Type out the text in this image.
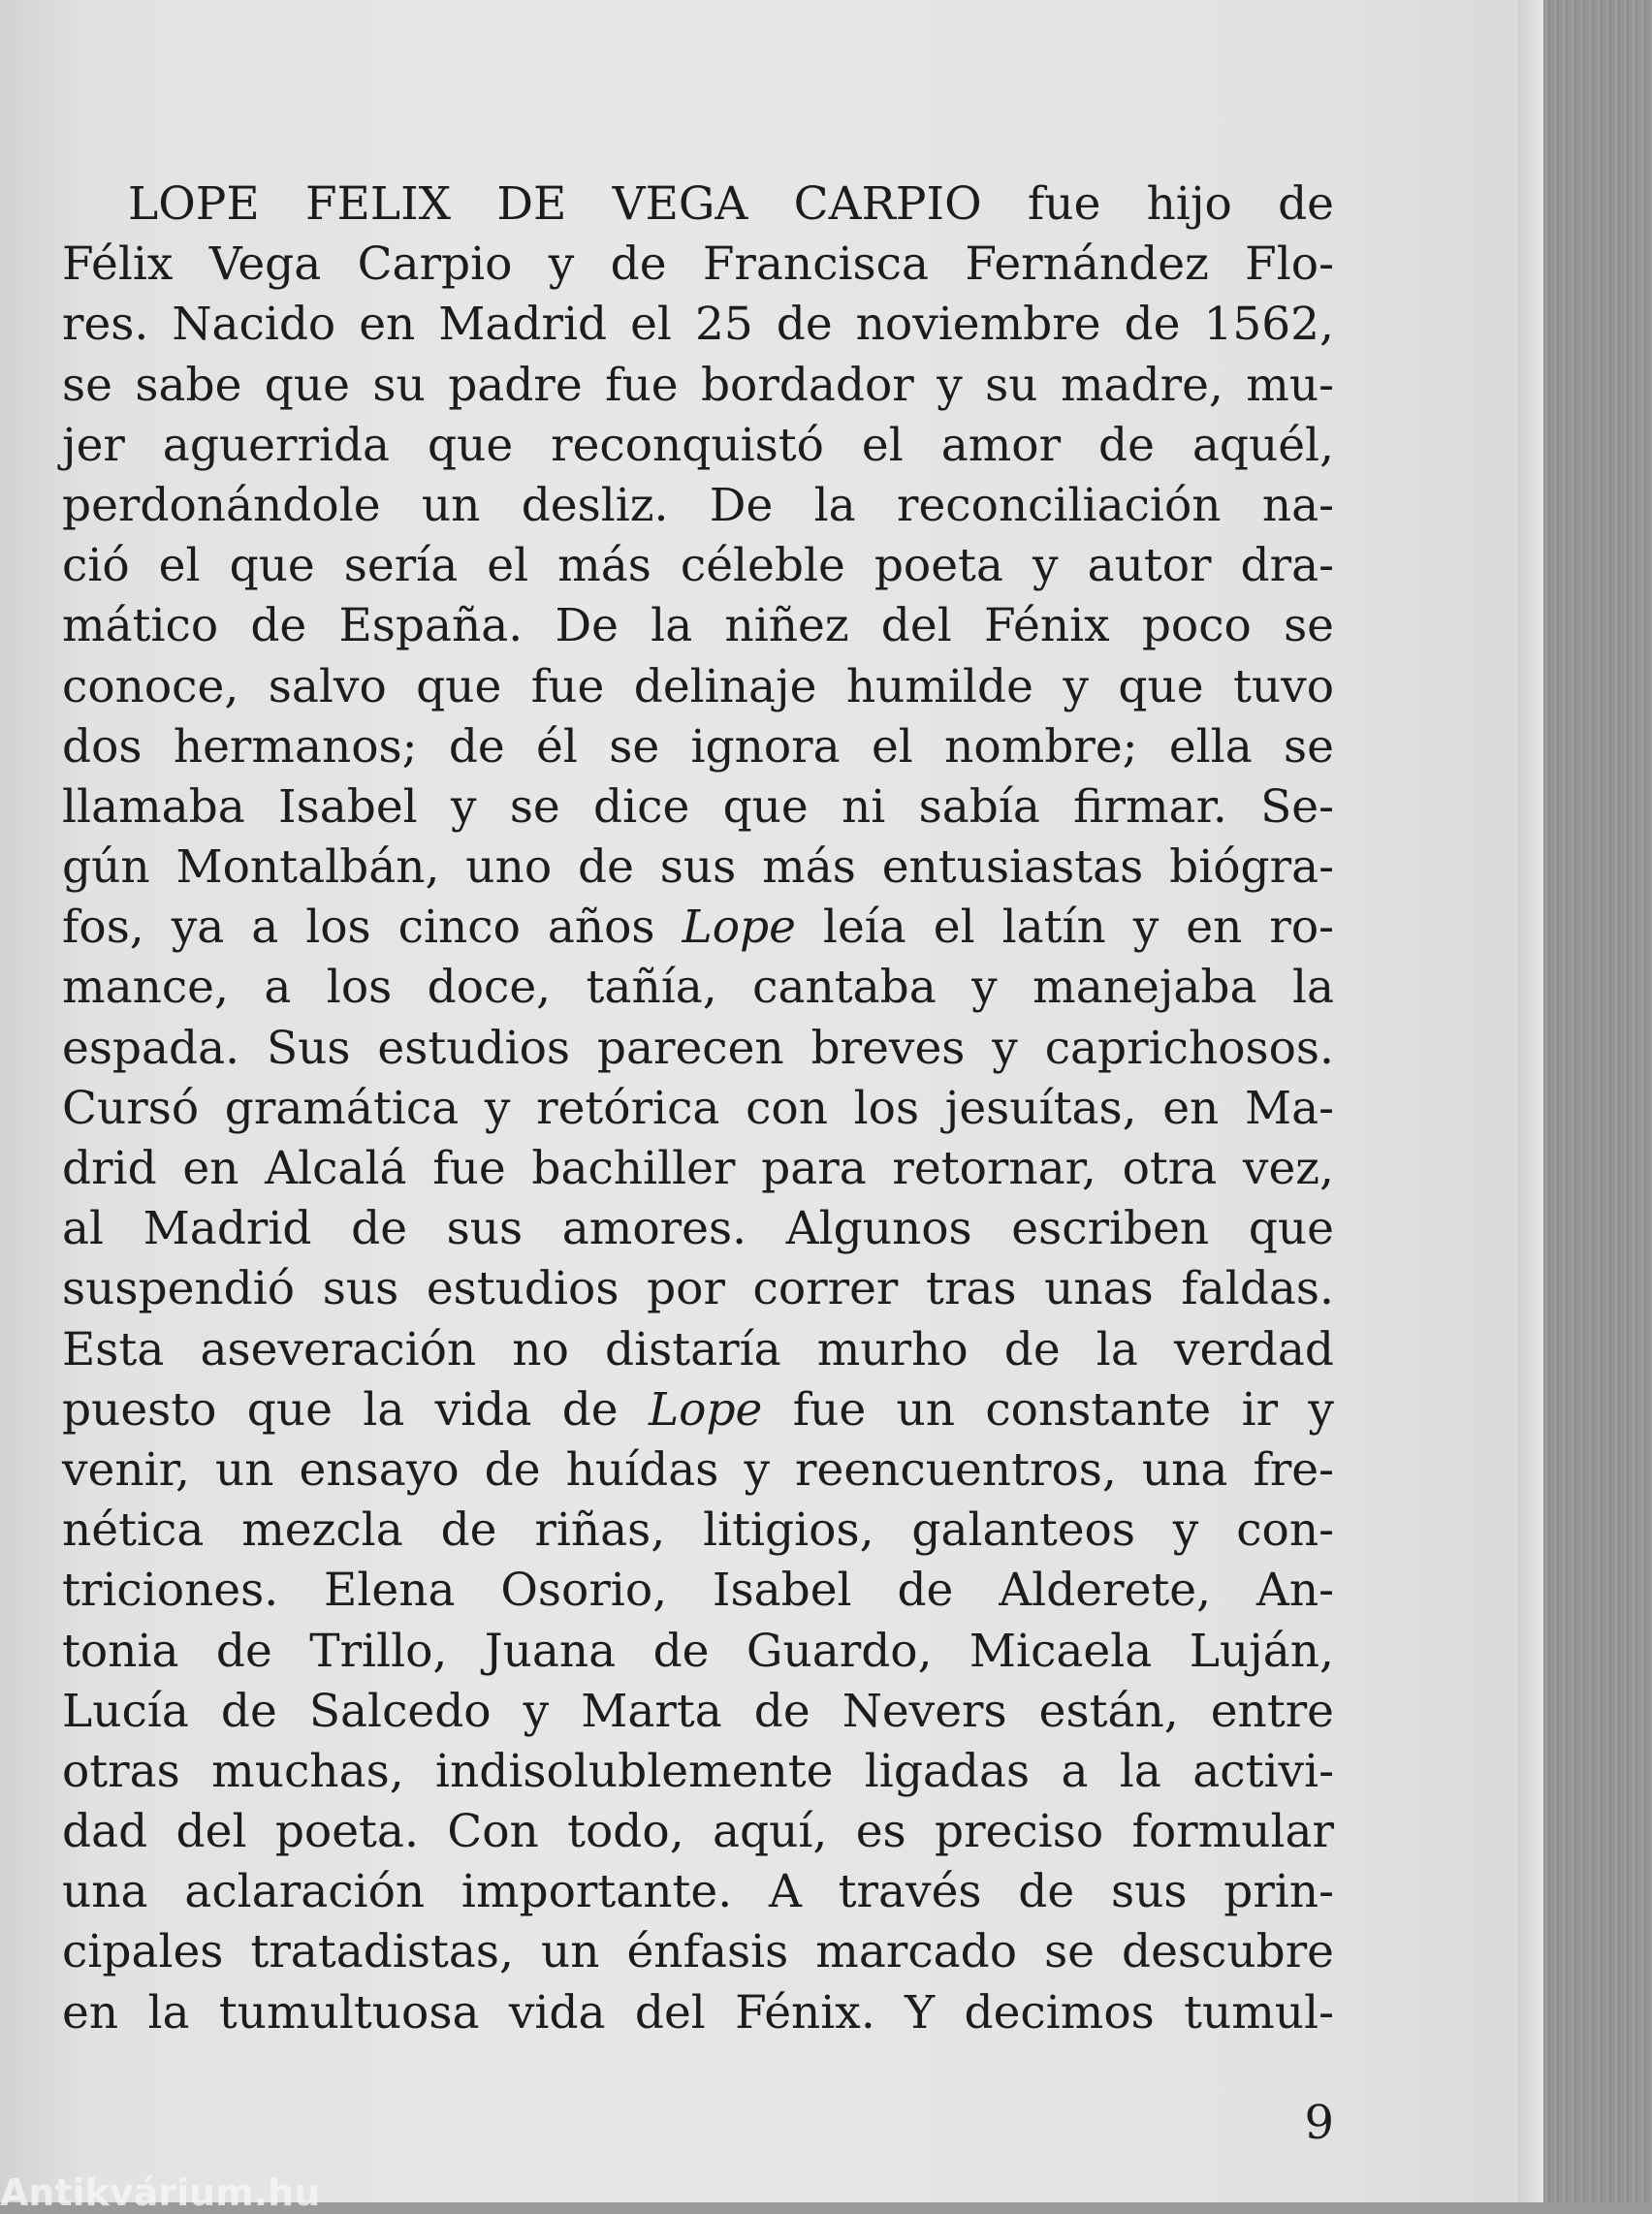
LOPE FELIX DE VEGA CARPIO fue hijo de
Félix Vega Carpio y de Francisca Fernández Flo-
res. Nacido en Madrid el 25 de noviembre de 1562,
se sabe que su padre fue bordador y su madre, mu-
jer aguerrida que reconquistó el amor de aquél,
perdonándole un desliz. De la reconciliación na-
ció el que sería el más céleble poeta y autor dra-
mático de España. De la niñez del Fénix poco se
conoce, salvo que fue delinaje humilde y que tuvo
dos hermanos; de él se ignora el nombre; ella se
llamaba Isabel y se dice que ni sabía firmar. Se-
gún Montalbán, uno de sus más entusiastas biógra-
fos, ya a los cinco años Lope leía el latín y en ro-
mance, a los doce, tañía, cantaba y manejaba la
espada. Sus estudios parecen breves y caprichosos.
Cursó gramática y retórica con los jesuítas, en Ma-
drid en Alcalá fue bachiller para retornar, otra vez,
al Madrid de sus amores. Algunos escriben que
suspendió sus estudios por correr tras unas faldas.
Esta aseveración no distaría murho de la verdad
puesto que la vida de Lope fue un constante ir y
venir, un ensayo de huídas y reencuentros, una fre-
nética mezcla de riñas, litigios, galanteos y con-
triciones. Elena Osorio, Isabel de Alderete, An-
tonia de Trillo, Juana de Guardo, Micaela Luján,
Lucía de Salcedo y Marta de Nevers están, entre
otras muchas, indisolublemente ligadas a la activi-
dad del poeta. Con todo, aquí, es preciso formular
una aclaración importante. A través de sus prin-
cipales tratadistas, un énfasis marcado se descubre
en la tumultuosa vida del Fénix. Y decimos tumul-
9
Antikvárium.hu
